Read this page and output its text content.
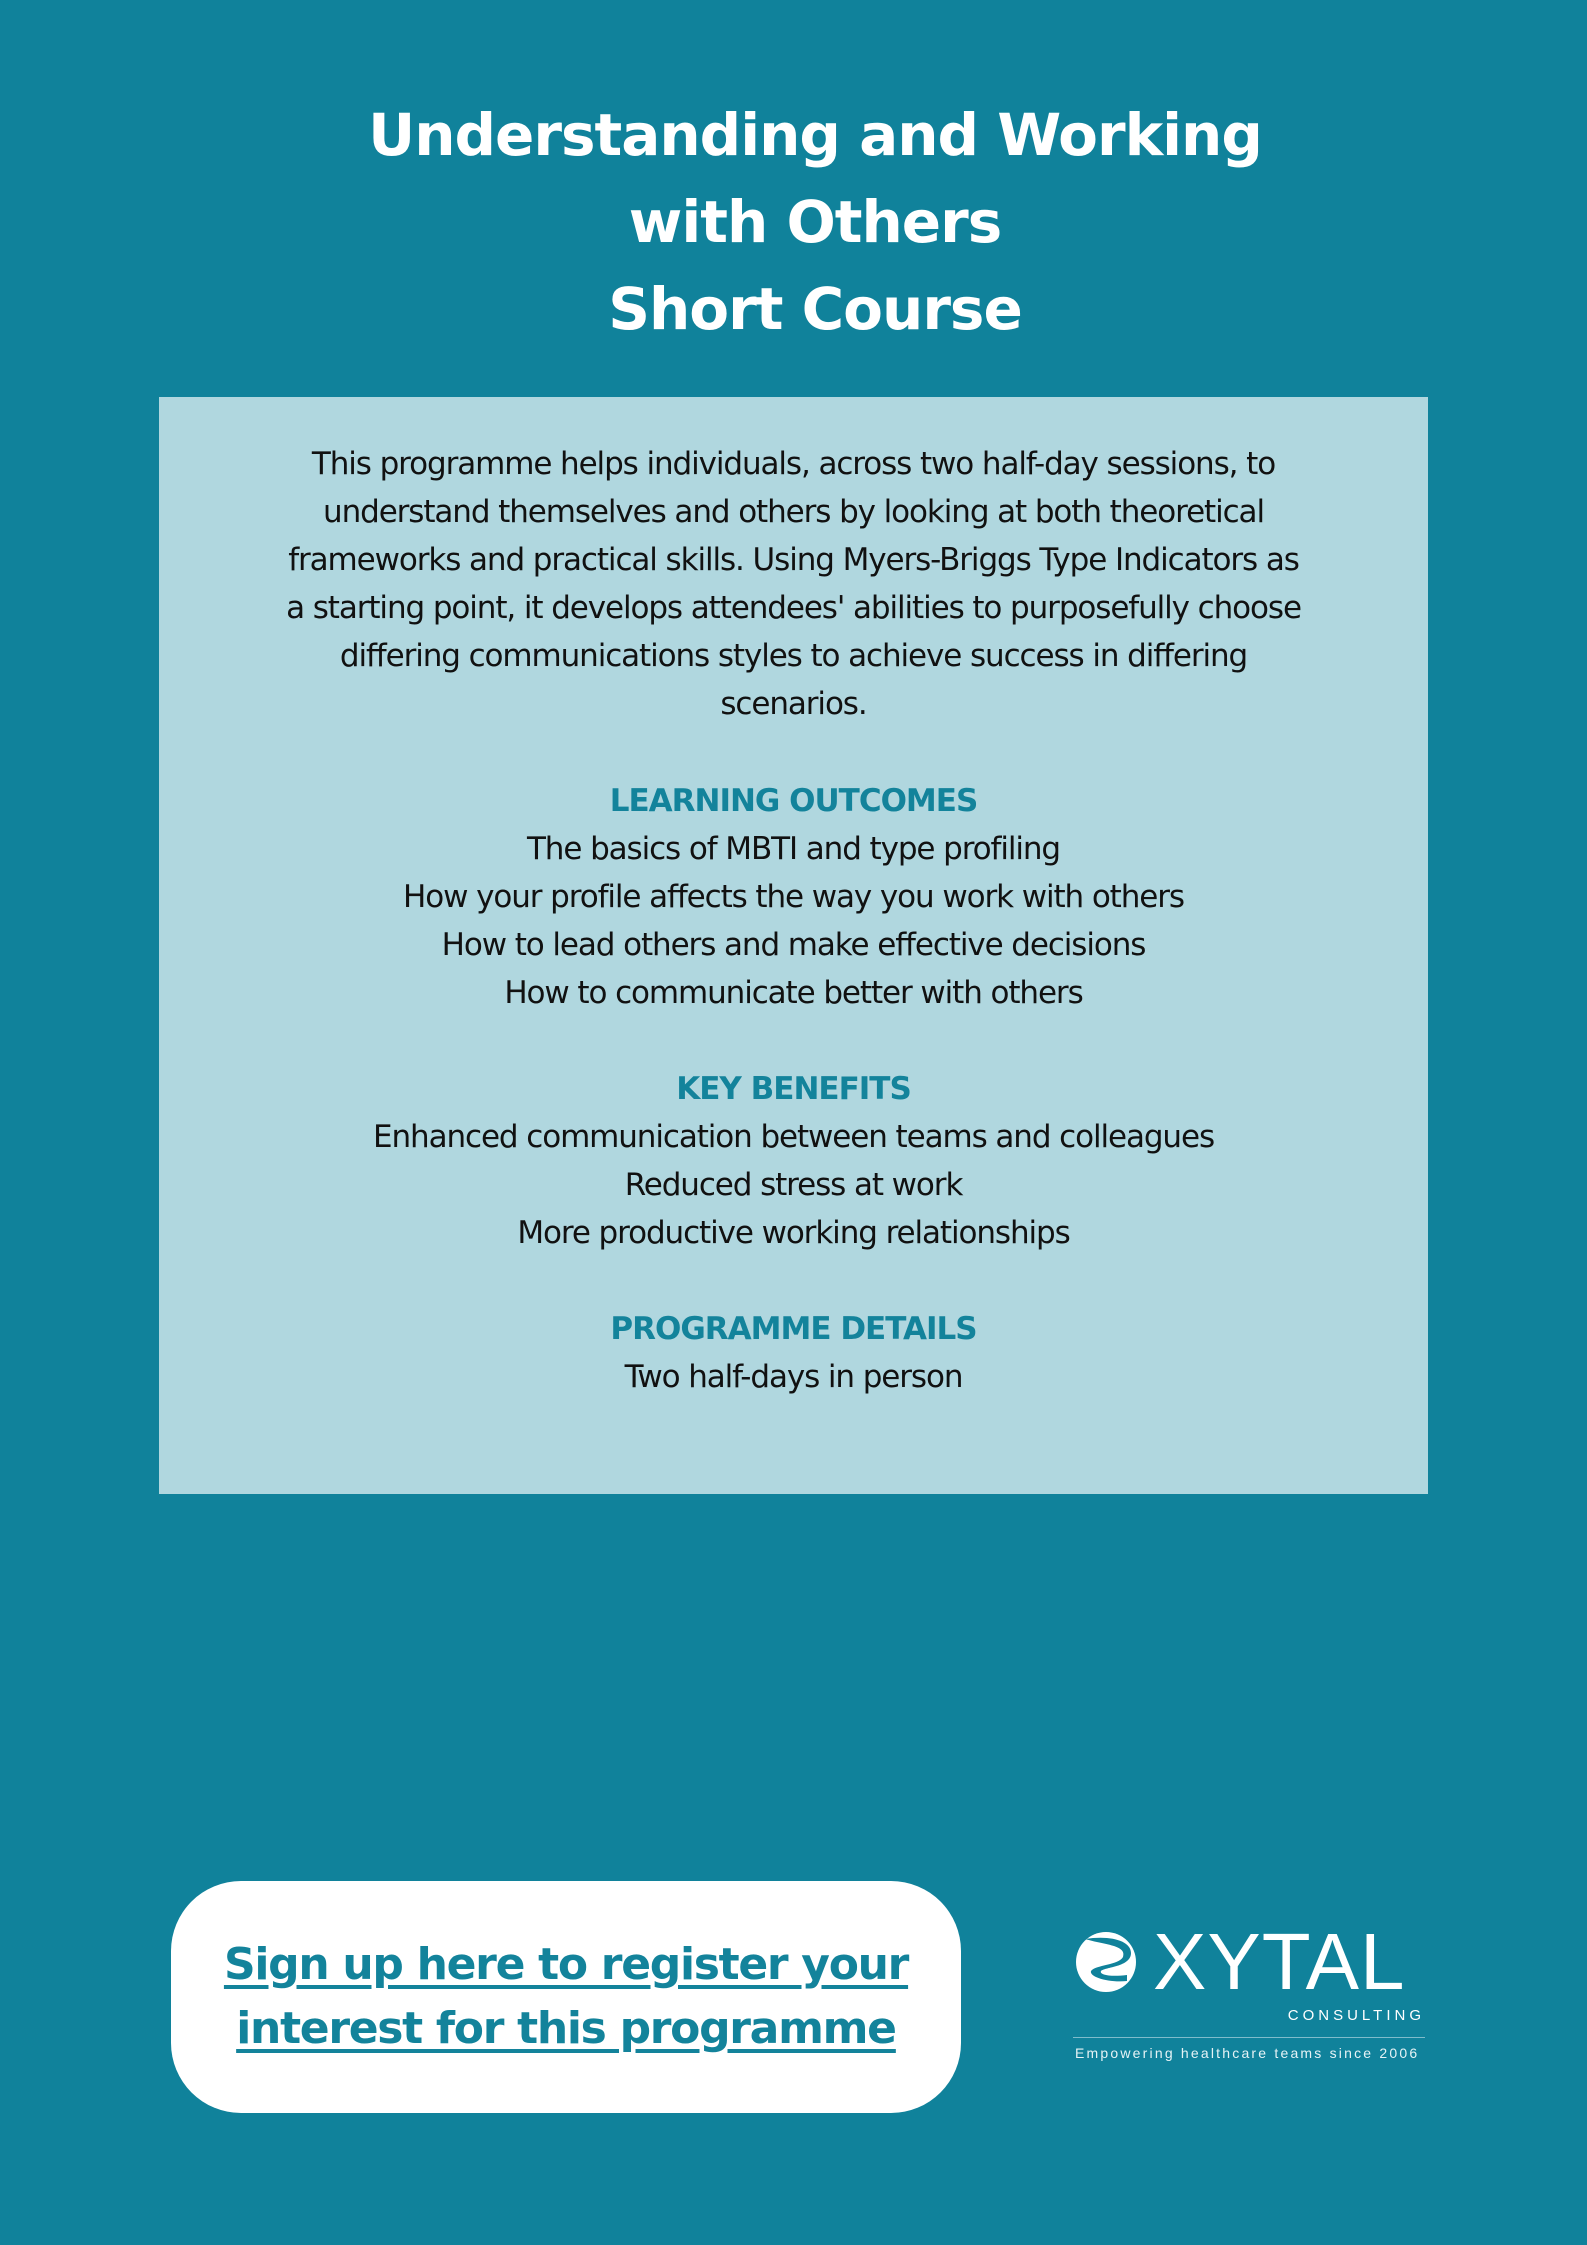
Understanding and Working
with Others
Short Course
This programme helps individuals, across two half-day sessions, to
understand themselves and others by looking at both theoretical
frameworks and practical skills. Using Myers-Briggs Type Indicators as
a starting point, it develops attendees' abilities to purposefully choose
differing communications styles to achieve success in differing
scenarios.
LEARNING OUTCOMES
The basics of MBTI and type profiling
How your profile affects the way you work with others
How to lead others and make effective decisions
How to communicate better with others
KEY BENEFITS
Enhanced communication between teams and colleagues
Reduced stress at work
More productive working relationships
PROGRAMME DETAILS
Two half-days in person
Sign up here to register your
interest for this programme
XYTAL
CONSULTING
Empowering healthcare teams since 2006
